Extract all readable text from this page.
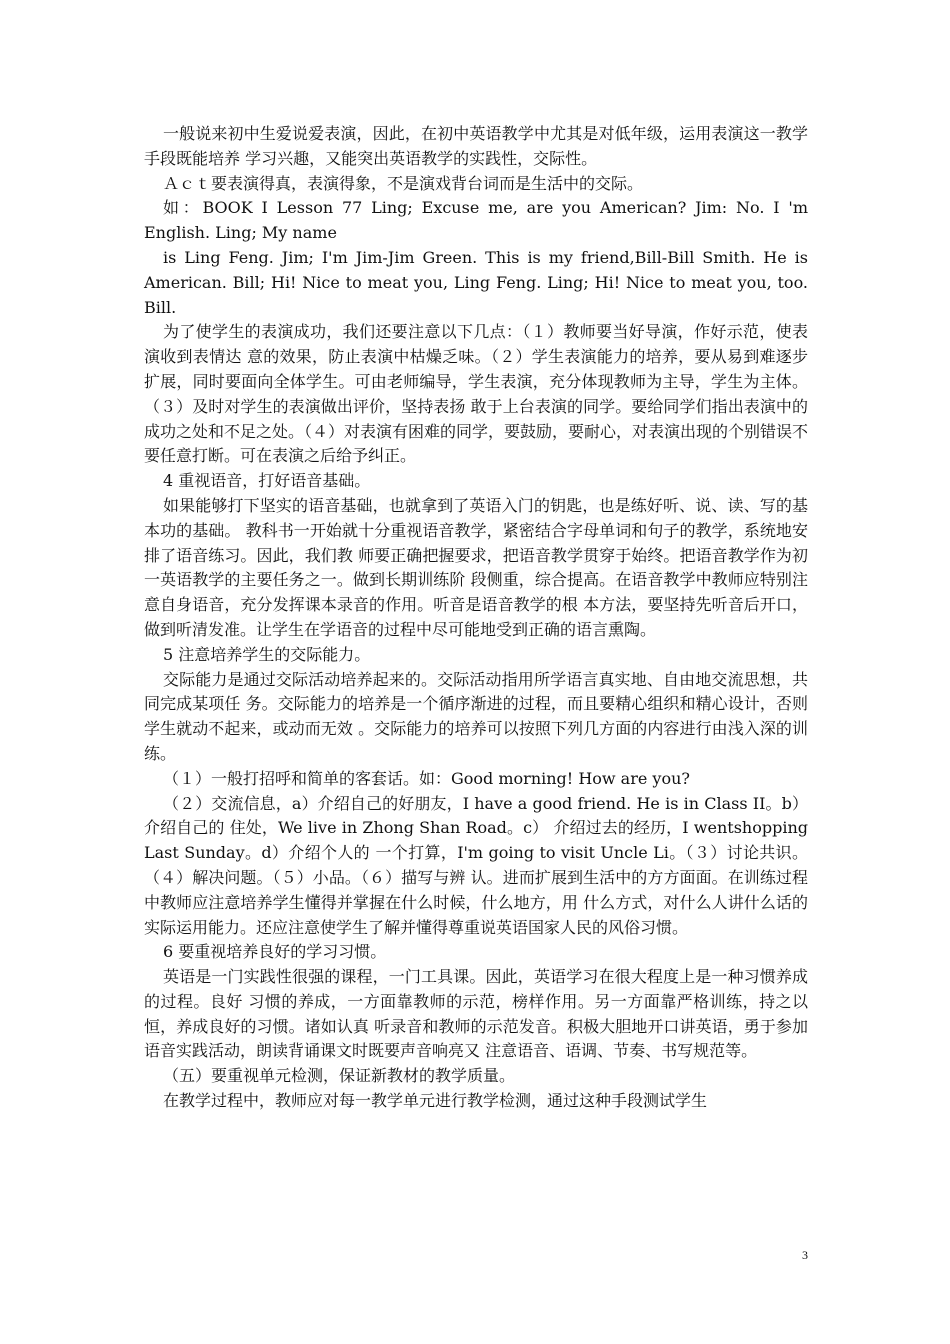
一般说来初中生爱说爱表演，因此，在初中英语教学中尤其是对低年级，运用表演这一教学手段既能培养 学习兴趣，又能突出英语教学的实践性，交际性。

Ａｃｔ要表演得真，表演得象，不是演戏背台词而是生活中的交际。

如：BOOK I Lesson 77 Ling; Excuse me, are you American? Jim: No. I 'm English. Ling; My name

is Ling Feng. Jim; I'm Jim-Jim Green. This is my friend,Bill-Bill Smith. He is American. Bill; Hi! Nice to meat you, Ling Feng. Ling; Hi! Nice to meat you, too. Bill.

为了使学生的表演成功，我们还要注意以下几点：（１）教师要当好导演，作好示范，使表演收到表情达 意的效果，防止表演中枯燥乏味。（２）学生表演能力的培养，要从易到难逐步扩展，同时要面向全体学生。可由老师编导，学生表演，充分体现教师为主导，学生为主体。（３）及时对学生的表演做出评价，坚持表扬 敢于上台表演的同学。要给同学们指出表演中的成功之处和不足之处。（４）对表演有困难的同学，要鼓励，要耐心，对表演出现的个别错误不要任意打断。可在表演之后给予纠正。

4 重视语音，打好语音基础。

如果能够打下坚实的语音基础，也就拿到了英语入门的钥匙，也是练好听、说、读、写的基本功的基础。 教科书一开始就十分重视语音教学，紧密结合字母单词和句子的教学，系统地安排了语音练习。因此，我们教 师要正确把握要求，把语音教学贯穿于始终。把语音教学作为初一英语教学的主要任务之一。做到长期训练阶 段侧重，综合提高。在语音教学中教师应特别注意自身语音，充分发挥课本录音的作用。听音是语音教学的根 本方法，要坚持先听音后开口，做到听清发准。让学生在学语音的过程中尽可能地受到正确的语言熏陶。

5 注意培养学生的交际能力。

交际能力是通过交际活动培养起来的。交际活动指用所学语言真实地、自由地交流思想，共同完成某项任 务。交际能力的培养是一个循序渐进的过程，而且要精心组织和精心设计，否则学生就动不起来，或动而无效 。交际能力的培养可以按照下列几方面的内容进行由浅入深的训练。

（１）一般打招呼和简单的客套话。如：Good morning! How are you?

（２）交流信息，a）介绍自己的好朋友，I have a good friend. He is in Class II。b）介绍自己的 住处，We live in Zhong Shan Road。c） 介绍过去的经历，I wentshopping Last Sunday。d）介绍个人的 一个打算，I'm going to visit Uncle Li。（３）讨论共识。（４）解决问题。（５）小品。（６）描写与辨 认。进而扩展到生活中的方方面面。在训练过程中教师应注意培养学生懂得并掌握在什么时候，什么地方，用 什么方式，对什么人讲什么话的实际运用能力。还应注意使学生了解并懂得尊重说英语国家人民的风俗习惯。

6 要重视培养良好的学习习惯。

英语是一门实践性很强的课程，一门工具课。因此，英语学习在很大程度上是一种习惯养成的过程。良好 习惯的养成，一方面靠教师的示范，榜样作用。另一方面靠严格训练，持之以恒，养成良好的习惯。诸如认真 听录音和教师的示范发音。积极大胆地开口讲英语，勇于参加语音实践活动，朗读背诵课文时既要声音响亮又 注意语音、语调、节奏、书写规范等。

（五）要重视单元检测，保证新教材的教学质量。

在教学过程中，教师应对每一教学单元进行教学检测，通过这种手段测试学生

3
